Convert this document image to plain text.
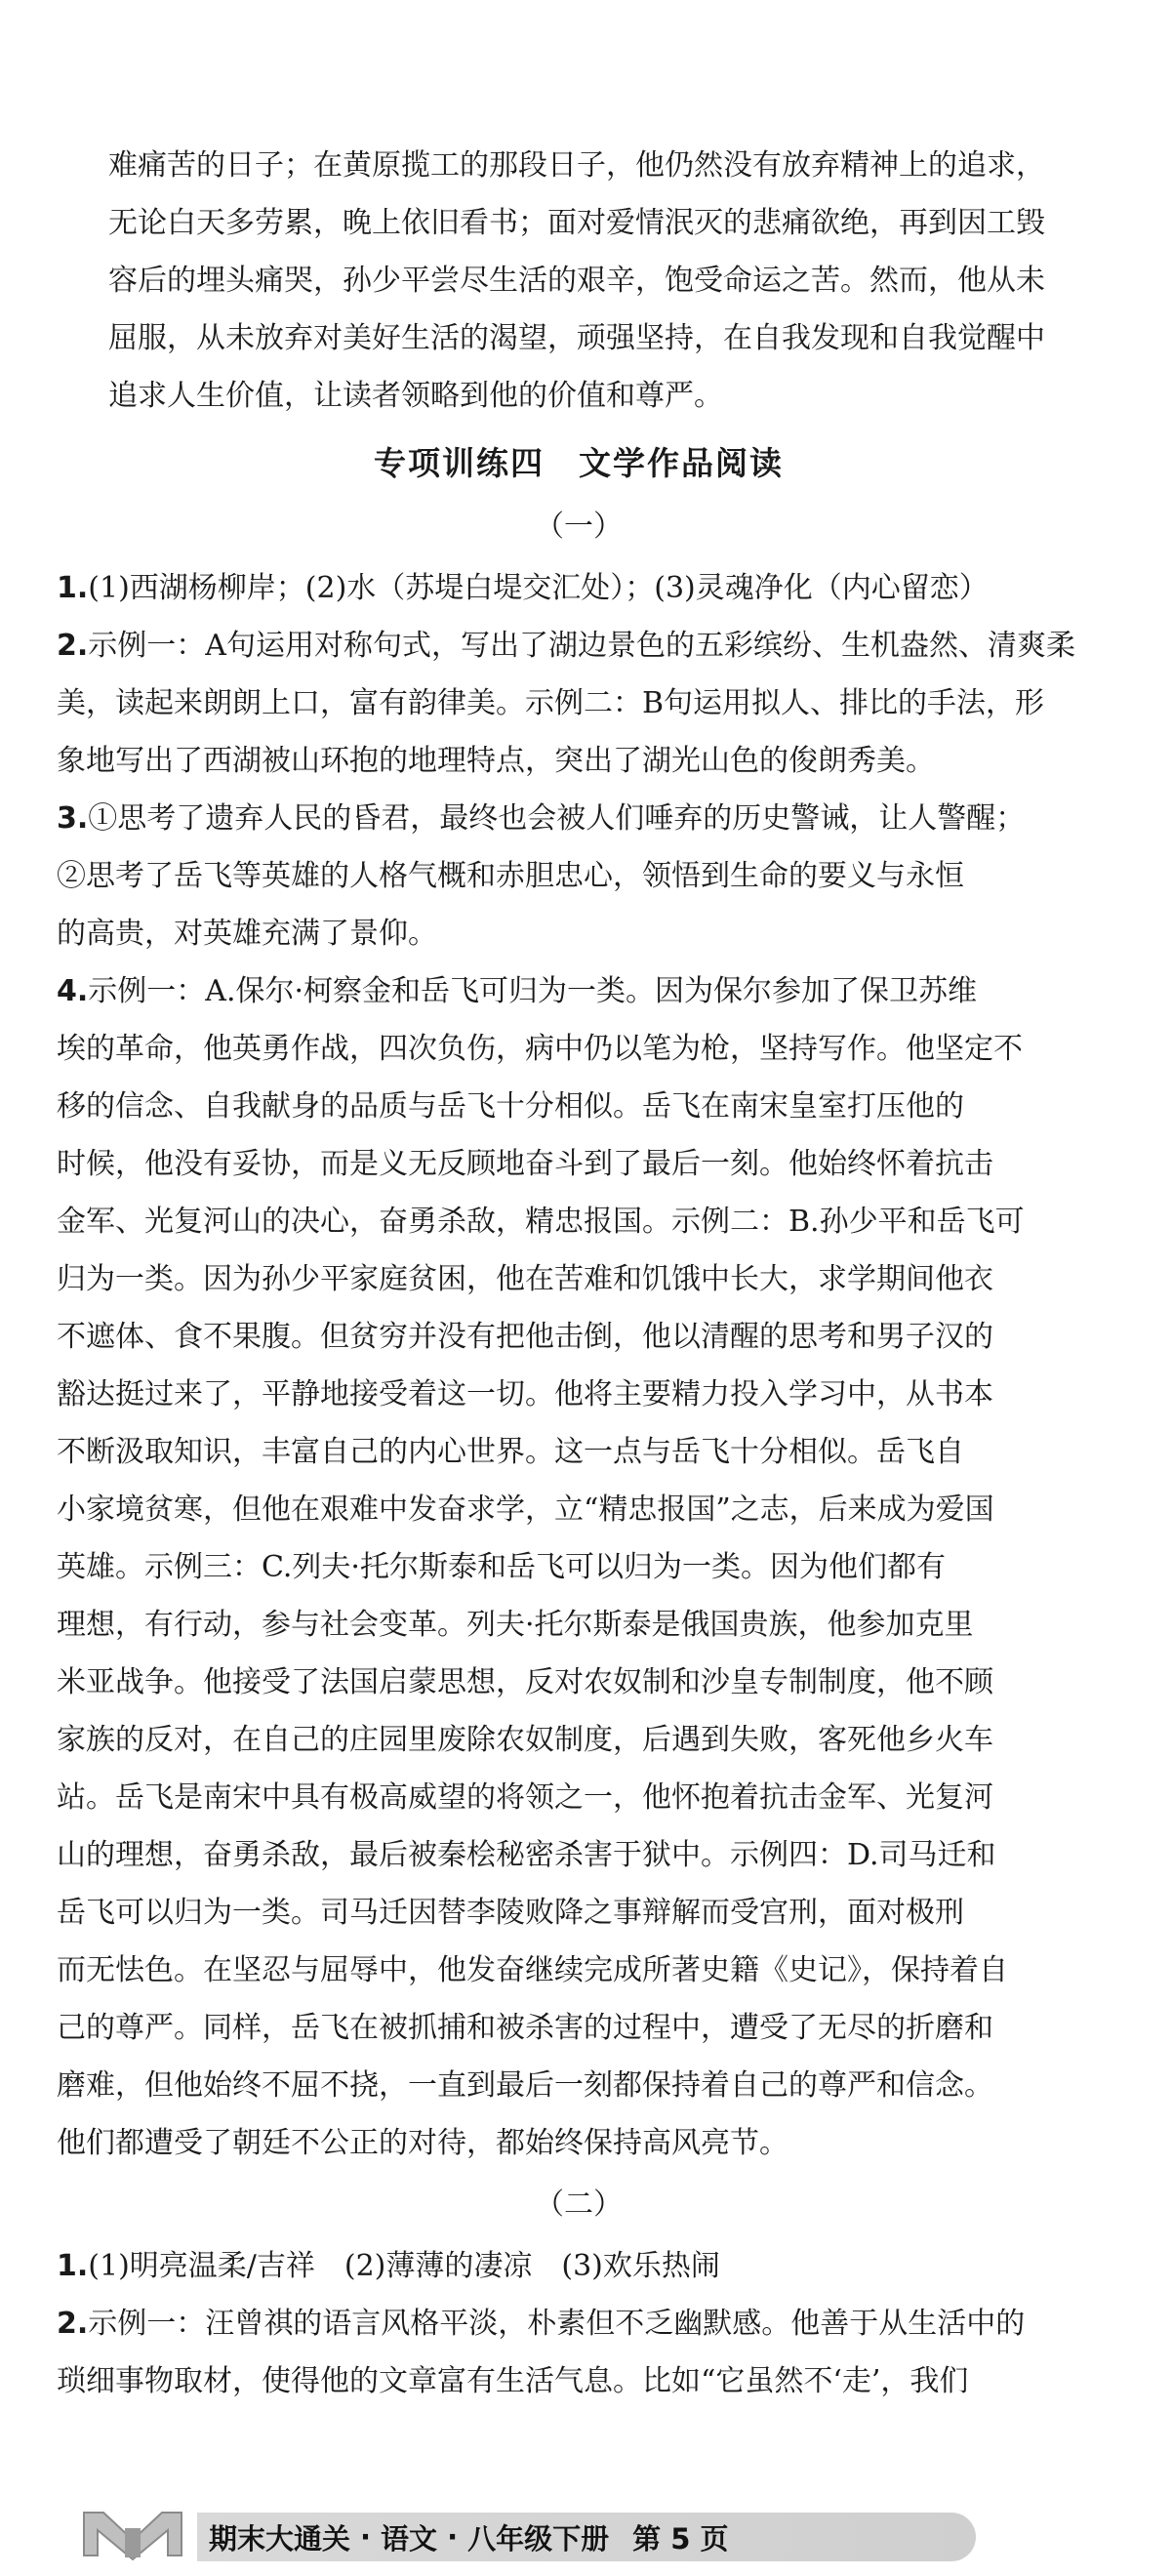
难痛苦的日子；在黄原揽工的那段日子，他仍然没有放弃精神上的追求，

无论白天多劳累，晚上依旧看书；面对爱情泯灭的悲痛欲绝，再到因工毁

容后的埋头痛哭，孙少平尝尽生活的艰辛，饱受命运之苦。然而，他从未

屈服，从未放弃对美好生活的渴望，顽强坚持，在自我发现和自我觉醒中

追求人生价值，让读者领略到他的价值和尊严。

专项训练四　文学作品阅读
（一）
1.(1)西湖杨柳岸；(2)水（苏堤白堤交汇处）；(3)灵魂净化（内心留恋）
2.示例一：A句运用对称句式，写出了湖边景色的五彩缤纷、生机盎然、清爽柔

美，读起来朗朗上口，富有韵律美。示例二：B句运用拟人、排比的手法，形

象地写出了西湖被山环抱的地理特点，突出了湖光山色的俊朗秀美。

3.①思考了遗弃人民的昏君，最终也会被人们唾弃的历史警诫，让人警醒；

②思考了岳飞等英雄的人格气概和赤胆忠心，领悟到生命的要义与永恒

的高贵，对英雄充满了景仰。

4.示例一：A.保尔·柯察金和岳飞可归为一类。因为保尔参加了保卫苏维

埃的革命，他英勇作战，四次负伤，病中仍以笔为枪，坚持写作。他坚定不

移的信念、自我献身的品质与岳飞十分相似。岳飞在南宋皇室打压他的

时候，他没有妥协，而是义无反顾地奋斗到了最后一刻。他始终怀着抗击

金军、光复河山的决心，奋勇杀敌，精忠报国。示例二：B.孙少平和岳飞可

归为一类。因为孙少平家庭贫困，他在苦难和饥饿中长大，求学期间他衣

不遮体、食不果腹。但贫穷并没有把他击倒，他以清醒的思考和男子汉的

豁达挺过来了，平静地接受着这一切。他将主要精力投入学习中，从书本

不断汲取知识，丰富自己的内心世界。这一点与岳飞十分相似。岳飞自

小家境贫寒，但他在艰难中发奋求学，立“精忠报国”之志，后来成为爱国

英雄。示例三：C.列夫·托尔斯泰和岳飞可以归为一类。因为他们都有

理想，有行动，参与社会变革。列夫·托尔斯泰是俄国贵族，他参加克里

米亚战争。他接受了法国启蒙思想，反对农奴制和沙皇专制制度，他不顾

家族的反对，在自己的庄园里废除农奴制度，后遇到失败，客死他乡火车

站。岳飞是南宋中具有极高威望的将领之一，他怀抱着抗击金军、光复河

山的理想，奋勇杀敌，最后被秦桧秘密杀害于狱中。示例四：D.司马迁和

岳飞可以归为一类。司马迁因替李陵败降之事辩解而受宫刑，面对极刑

而无怯色。在坚忍与屈辱中，他发奋继续完成所著史籍《史记》，保持着自

己的尊严。同样，岳飞在被抓捕和被杀害的过程中，遭受了无尽的折磨和

磨难，但他始终不屈不挠，一直到最后一刻都保持着自己的尊严和信念。

他们都遭受了朝廷不公正的对待，都始终保持高风亮节。

（二）
1.(1)明亮温柔/吉祥　(2)薄薄的凄凉　(3)欢乐热闹
2.示例一：汪曾祺的语言风格平淡，朴素但不乏幽默感。他善于从生活中的

琐细事物取材，使得他的文章富有生活气息。比如“它虽然不‘走’，我们

期末大通关 · 语文 · 八年级下册 第 5 页
